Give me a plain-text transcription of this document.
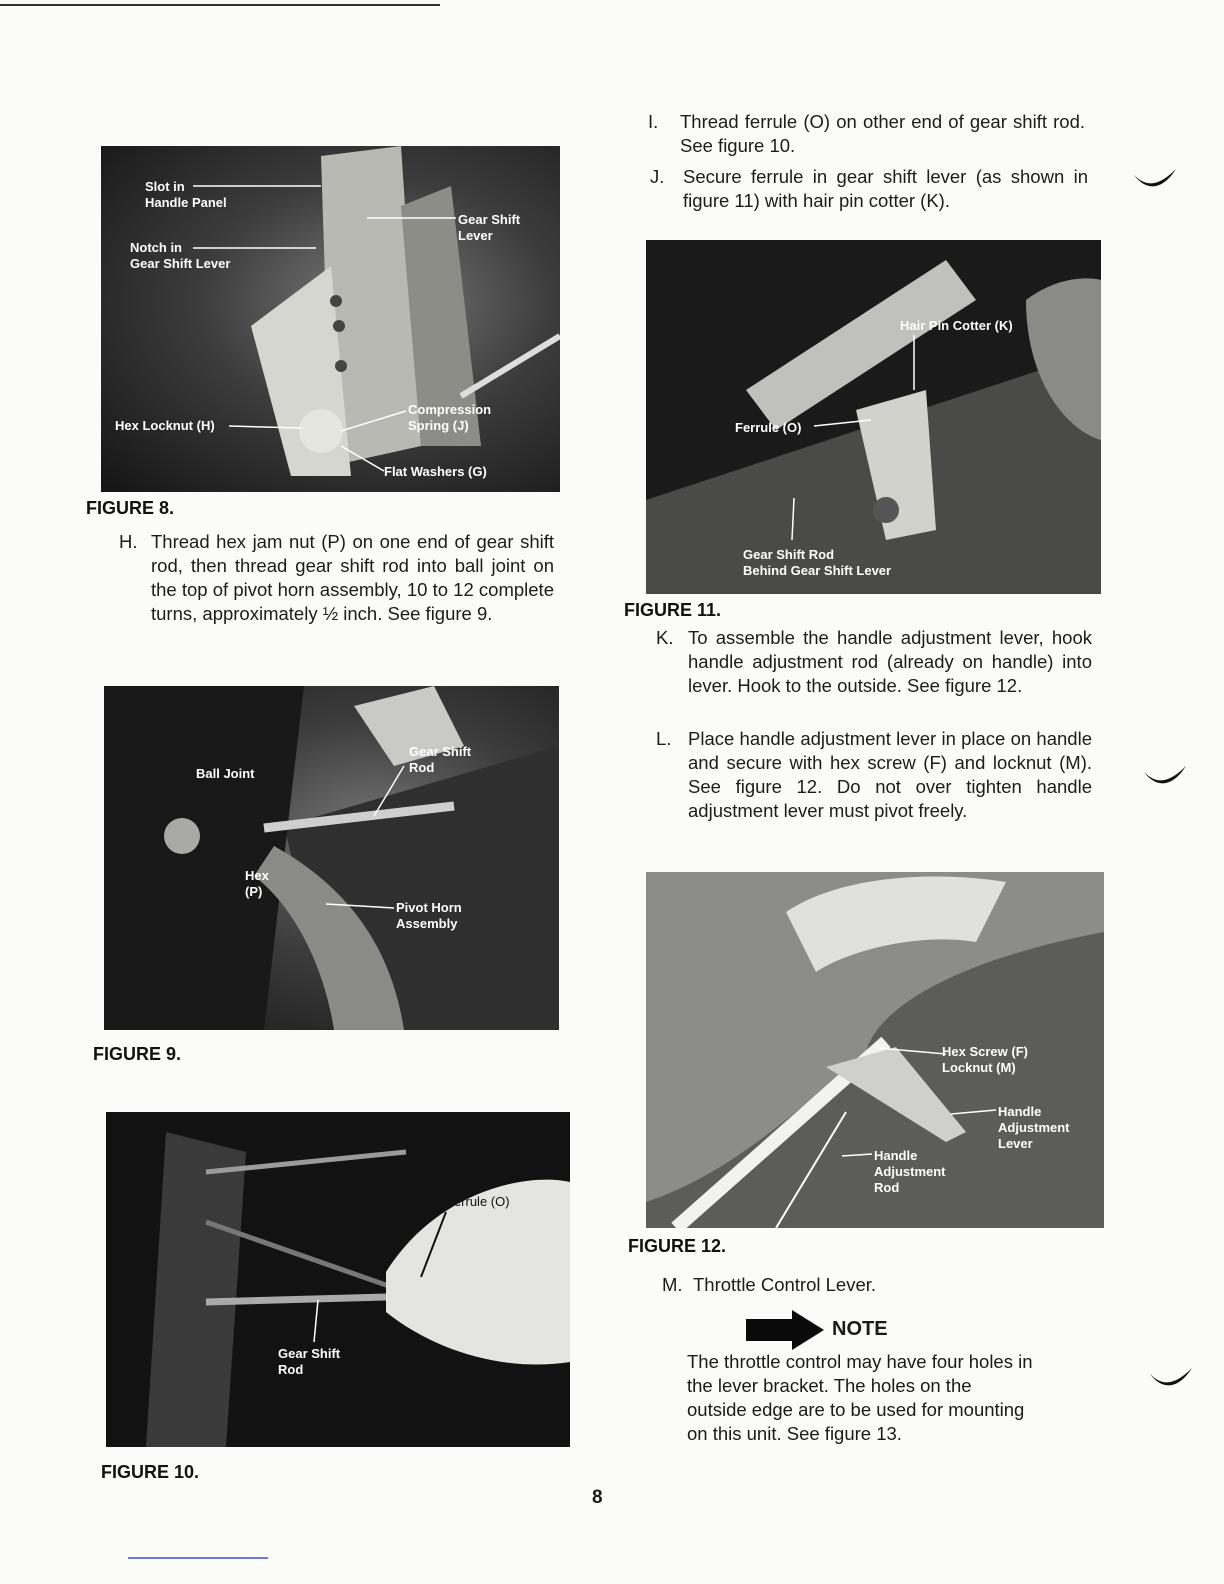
Slot in
Handle Panel
Gear Shift
Lever
Notch in
Gear Shift Lever
Hex Locknut (H)
Compression
Spring (J)
Flat Washers (G)
FIGURE 8.
H. Thread hex jam nut (P) on one end of gear shift rod, then thread gear shift rod into ball joint on the top of pivot horn assembly, 10 to 12 complete turns, approximately ½ inch. See figure 9.
Ball Joint
Gear Shift
Rod
Hex
(P)
Pivot Horn
Assembly
FIGURE 9.
Ferrule (O)
Gear Shift
Rod
FIGURE 10.
I. Thread ferrule (O) on other end of gear shift rod. See figure 10.
J. Secure ferrule in gear shift lever (as shown in figure 11) with hair pin cotter (K).
Hair Pin Cotter (K)
Ferrule (O)
Gear Shift Rod
Behind Gear Shift Lever
FIGURE 11.
K. To assemble the handle adjustment lever, hook handle adjustment rod (already on handle) into lever. Hook to the outside. See figure 12.
L. Place handle adjustment lever in place on handle and secure with hex screw (F) and locknut (M). See figure 12. Do not over tighten handle adjustment lever must pivot freely.
Hex Screw (F)
Locknut (M)
Handle
Adjustment
Lever
Handle
Adjustment
Rod
FIGURE 12.
M. Throttle Control Lever.
NOTE
The throttle control may have four holes in the lever bracket. The holes on the outside edge are to be used for mounting on this unit. See figure 13.
8
